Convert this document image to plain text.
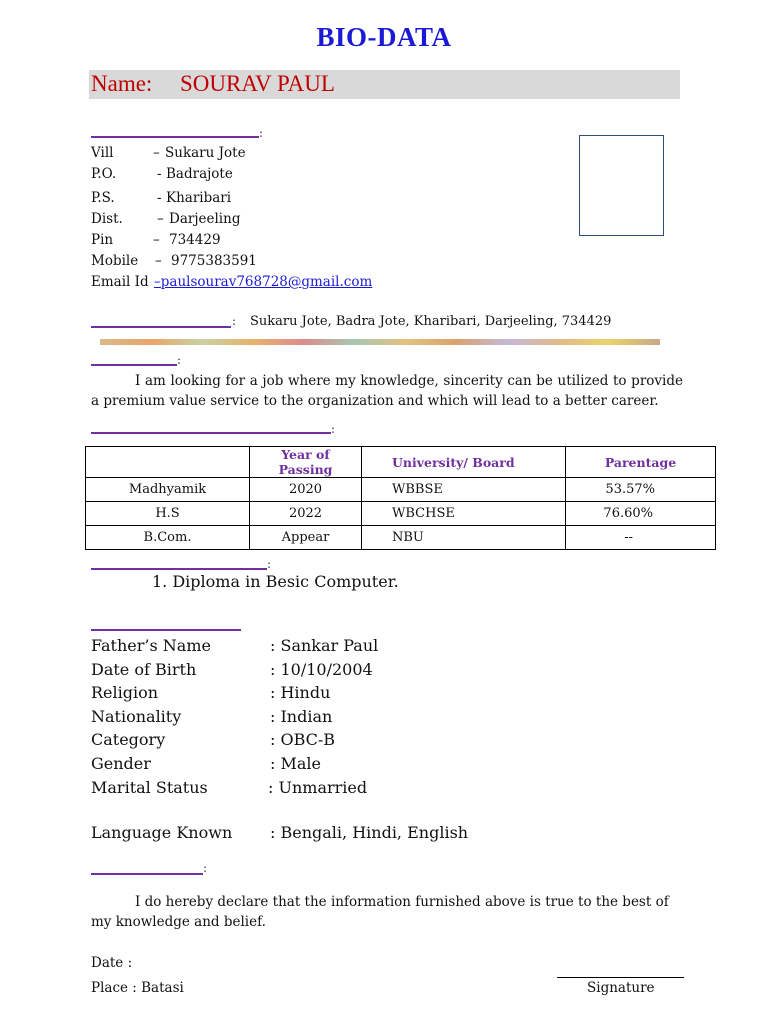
BIO-DATA
Name: SOURAV PAUL
:
Vill	– Sukaru Jote
P.O.	- Badrajote
P.S.	- Kharibari
Dist.	– Darjeeling
Pin	– 734429
Mobile – 9775383591
Email Id –paulsourav768728@gmail.com
: Sukaru Jote, Badra Jote, Kharibari, Darjeeling, 734429
:
I am looking for a job where my knowledge, sincerity can be utilized to provide a premium value service to the organization and which will lead to a better career.
:
	Year of Passing	University/ Board	Parentage
Madhyamik	2020	WBBSE	53.57%
H.S	2022	WBCHSE	76.60%
B.Com.	Appear	NBU	--
:
1. Diploma in Besic Computer.
Father’s Name	: Sankar Paul
Date of Birth	: 10/10/2004
Religion	: Hindu
Nationality	: Indian
Category	: OBC-B
Gender	: Male
Marital Status	: Unmarried
Language Known : Bengali, Hindi, English
:
I do hereby declare that the information furnished above is true to the best of my knowledge and belief.
Date :
Place : Batasi	Signature
